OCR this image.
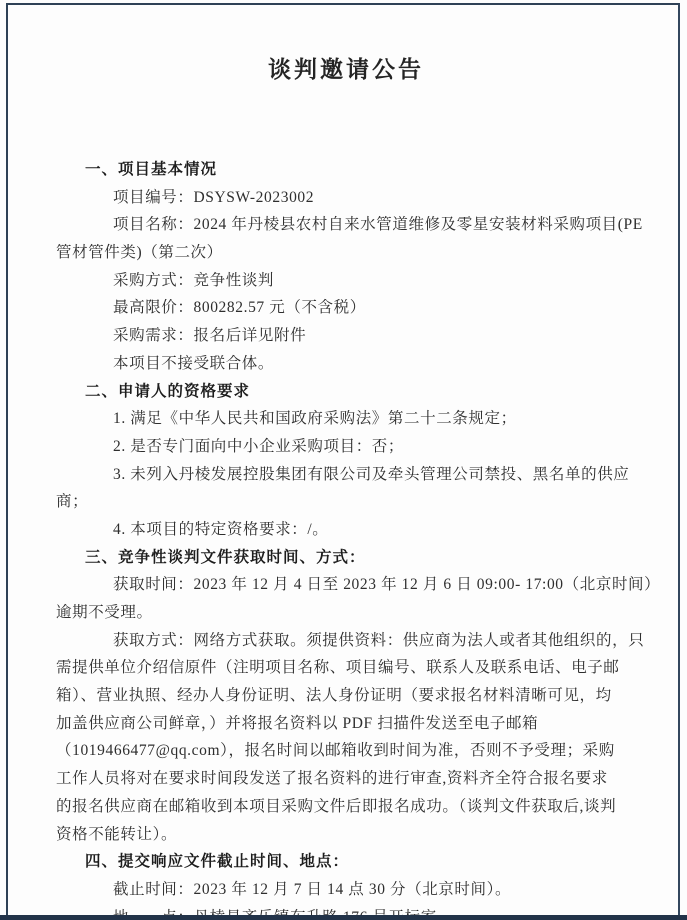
谈判邀请公告
一、项目基本情况
项目编号：DSYSW-2023002
项目名称：2024 年丹棱县农村自来水管道维修及零星安装材料采购项目(PE
管材管件类)（第二次）
采购方式：竞争性谈判
最高限价：800282.57 元（不含税）
采购需求：报名后详见附件
本项目不接受联合体。
二、申请人的资格要求
1. 满足《中华人民共和国政府采购法》第二十二条规定；
2. 是否专门面向中小企业采购项目：否；
3. 未列入丹棱发展控股集团有限公司及牵头管理公司禁投、黑名单的供应
商；
4. 本项目的特定资格要求：/。
三、竞争性谈判文件获取时间、方式：
获取时间：2023 年 12 月 4 日至 2023 年 12 月 6 日 09:00- 17:00（北京时间）
逾期不受理。
获取方式：网络方式获取。须提供资料：供应商为法人或者其他组织的，只
需提供单位介绍信原件（注明项目名称、项目编号、联系人及联系电话、电子邮
箱）、营业执照、经办人身份证明、法人身份证明（要求报名材料清晰可见，均
加盖供应商公司鲜章，）并将报名资料以 PDF 扫描件发送至电子邮箱
（1019466477@qq.com），报名时间以邮箱收到时间为准，否则不予受理；采购
工作人员将对在要求时间段发送了报名资料的进行审查,资料齐全符合报名要求
的报名供应商在邮箱收到本项目采购文件后即报名成功。（谈判文件获取后,谈判
资格不能转让）。
四、提交响应文件截止时间、地点：
截止时间：2023 年 12 月 7 日 14 点 30 分（北京时间）。
